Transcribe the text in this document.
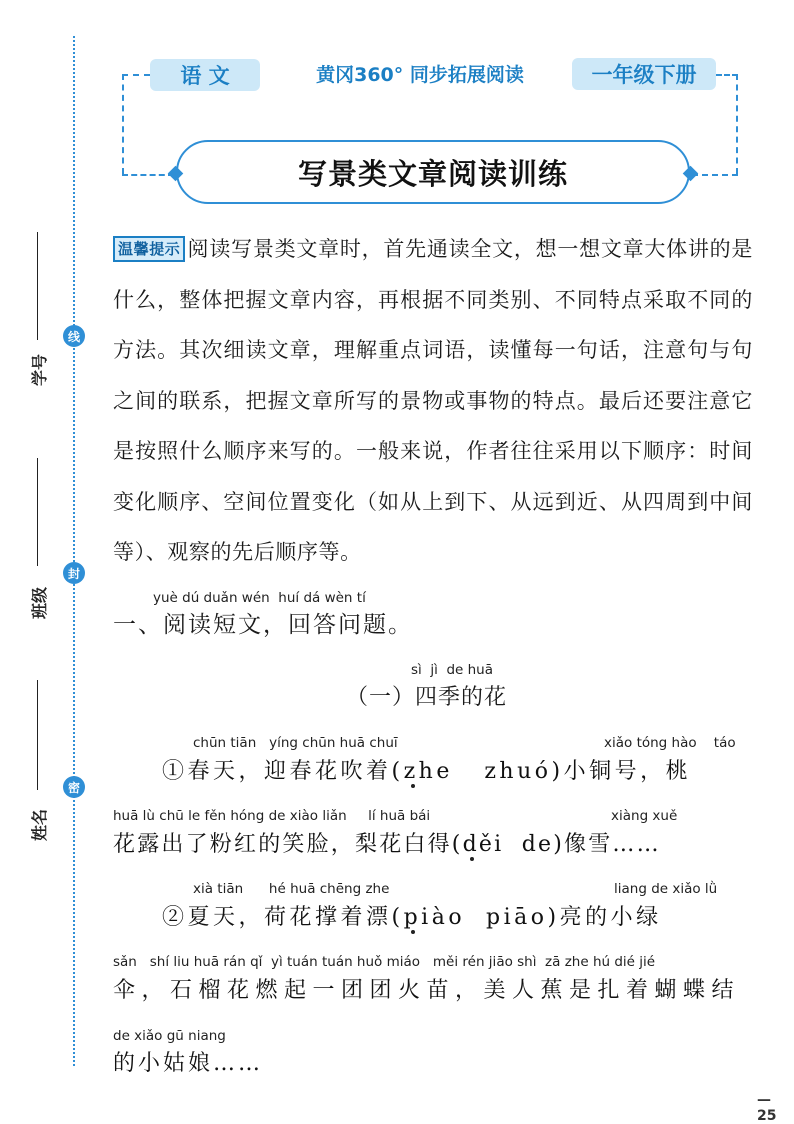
线
封
密
学号
班级
姓名
语 文	黄冈360° 同步拓展阅读	一年级下册
写景类文章阅读训练
温馨提示 阅读写景类文章时，首先通读全文，想一想文章大体讲的是什么，整体把握文章内容，再根据不同类别、不同特点采取不同的方法。其次细读文章，理解重点词语，读懂每一句话，注意句与句之间的联系，把握文章所写的景物或事物的特点。最后还要注意它是按照什么顺序来写的。一般来说，作者往往采用以下顺序：时间变化顺序、空间位置变化（如从上到下、从远到近、从四周到中间等）、观察的先后顺序等。
yuè dú duǎn wén  huí dá wèn tí
一、阅读短文，回答问题。
sì  jì  de huā
（一）四季的花
chūn tiān   yíng chūn huā chuī	xiǎo tóng hào    táo
①春天，迎春花吹着(zhe   zhuó)小铜号，桃
huā lù chū le fěn hóng de xiào liǎn     lí huā bái	xiàng xuě
花露出了粉红的笑脸，梨花白得(děi  de)像雪……
xià tiān      hé huā chēng zhe	liang de xiǎo lǜ
②夏天，荷花撑着漂(piào  piāo)亮的小绿
sǎn   shí liu huā rán qǐ  yì tuán tuán huǒ miáo   měi rén jiāo shì  zā zhe hú dié jié
伞，石榴花燃起一团团火苗，美人蕉是扎着蝴蝶结
de xiǎo gū niang
的小姑娘……
— 25
